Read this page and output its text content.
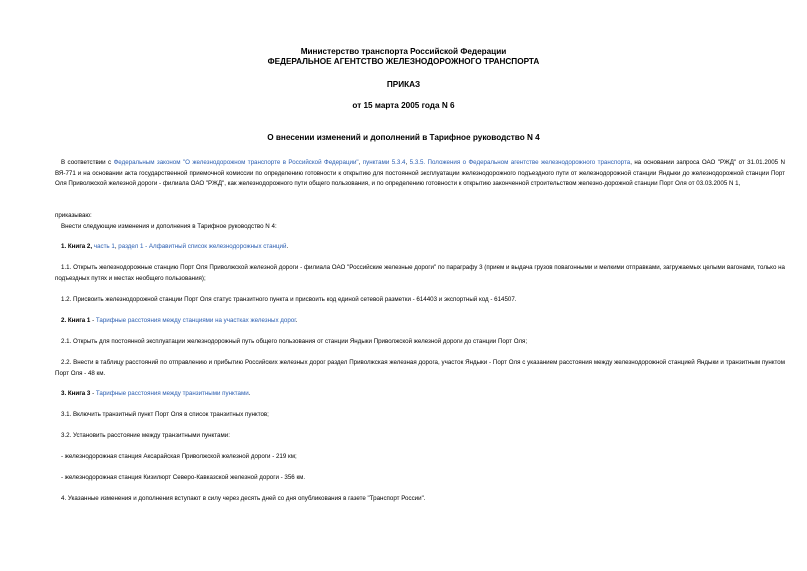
Министерство транспорта Российской Федерации
ФЕДЕРАЛЬНОЕ АГЕНТСТВО ЖЕЛЕЗНОДОРОЖНОГО ТРАНСПОРТА
ПРИКАЗ
от 15 марта 2005 года N 6
О внесении изменений и дополнений в Тарифное руководство N 4
В соответствии с Федеральным законом "О железнодорожном транспорте в Российской Федерации", пунктами 5.3.4, 5.3.5. Положения о Федеральном агентстве железнодорожного транспорта, на основании запроса ОАО "РЖД" от 31.01.2005 N ВЯ-771 и на основании акта государственной приемочной комиссии по определению готовности к открытию для постоянной эксплуатации железнодорожного подъездного пути от железнодорожной станции Яндыки до железнодорожной станции Порт Оля Приволжской железной дороги - филиала ОАО "РЖД", как железнодорожного пути общего пользования, и по определению готовности к открытию законченной строительством железно-дорожной станции Порт Оля от 03.03.2005 N 1,
приказываю:
Внести следующие изменения и дополнения в Тарифное руководство N 4:
1. Книга 2, часть 1, раздел 1 - Алфавитный список железнодорожных станций.
1.1. Открыть железнодорожные станцию Порт Оля Приволжской железной дороги - филиала ОАО "Российские железные дороги" по параграфу 3 (прием и выдача грузов повагонными и мелкими отправками, загружаемых целыми вагонами, только на подъездных путях и местах необщего пользования);
1.2. Присвоить железнодорожной станции Порт Оля статус транзитного пункта и присвоить код единой сетевой разметки - 614403 и экспортный код - 614507.
2. Книга 1 - Тарифные расстояния между станциями на участках железных дорог.
2.1. Открыть для постоянной эксплуатации железнодорожный путь общего пользования от станции Яндыки Приволжской железной дороги до станции Порт Оля;
2.2. Внести в таблицу расстояний по отправлению и прибытию Российских железных дорог раздел Приволжская железная дорога, участок Яндыки - Порт Оля с указанием расстояния между железнодорожной станцией Яндыки и транзитным пунктом Порт Оля - 48 км.
3. Книга 3 - Тарифные расстояния между транзитными пунктами.
3.1. Включить транзитный пункт Порт Оля в список транзитных пунктов;
3.2. Установить расстояние между транзитными пунктами:
- железнодорожная станция Аксарайская Приволжской железной дороги - 219 км;
- железнодорожная станция Кизилюрт Северо-Кавказской железной дороги - 356 км.
4. Указанные изменения и дополнения вступают в силу через десять дней со дня опубликования в газете "Транспорт России".
